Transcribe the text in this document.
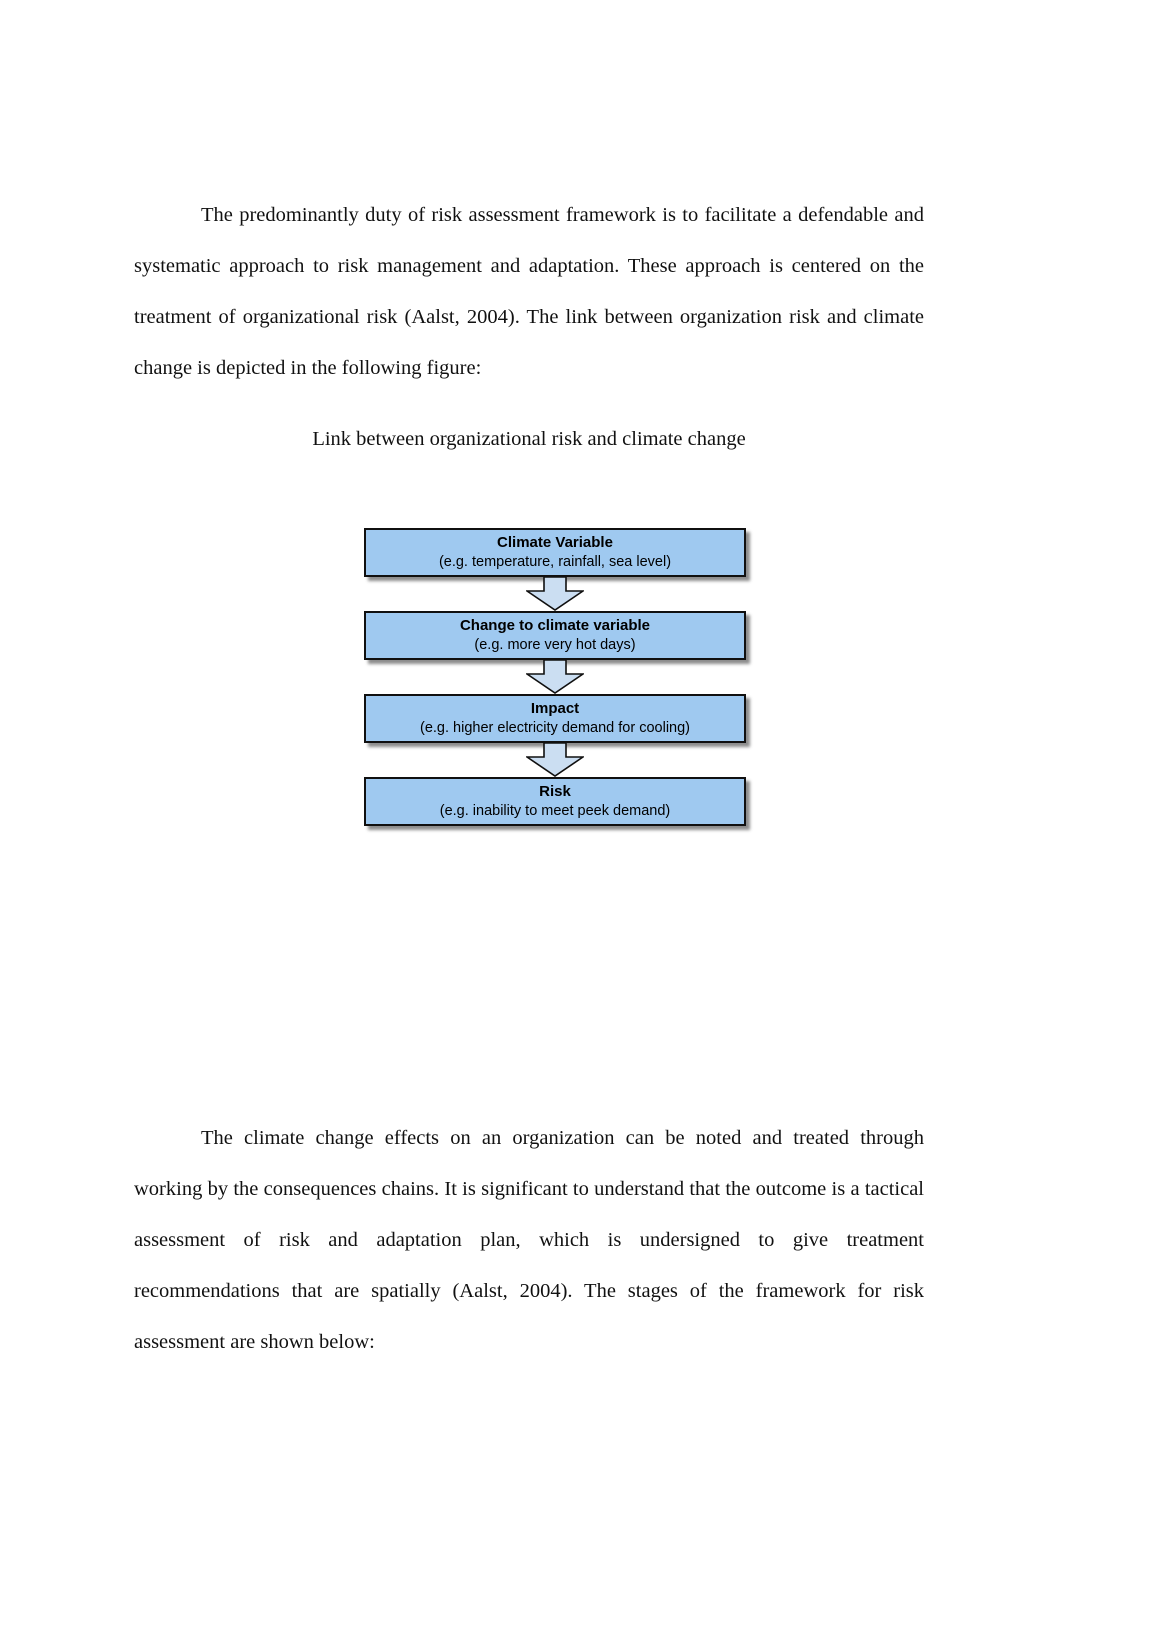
The predominantly duty of risk assessment framework is to facilitate a defendable and systematic approach to risk management and adaptation. These approach is centered on the treatment of organizational risk (Aalst, 2004). The link between organization risk and climate change is depicted in the following figure:

Link between organizational risk and climate change
Climate Variable
(e.g. temperature, rainfall, sea level)
Change to climate variable
(e.g. more very hot days)
Impact
(e.g. higher electricity demand for cooling)
Risk
(e.g. inability to meet peek demand)

The climate change effects on an organization can be noted and treated through working by the consequences chains. It is significant to understand that the outcome is a tactical assessment of risk and adaptation plan, which is undersigned to give treatment recommendations that are spatially (Aalst, 2004). The stages of the framework for risk assessment are shown below:
